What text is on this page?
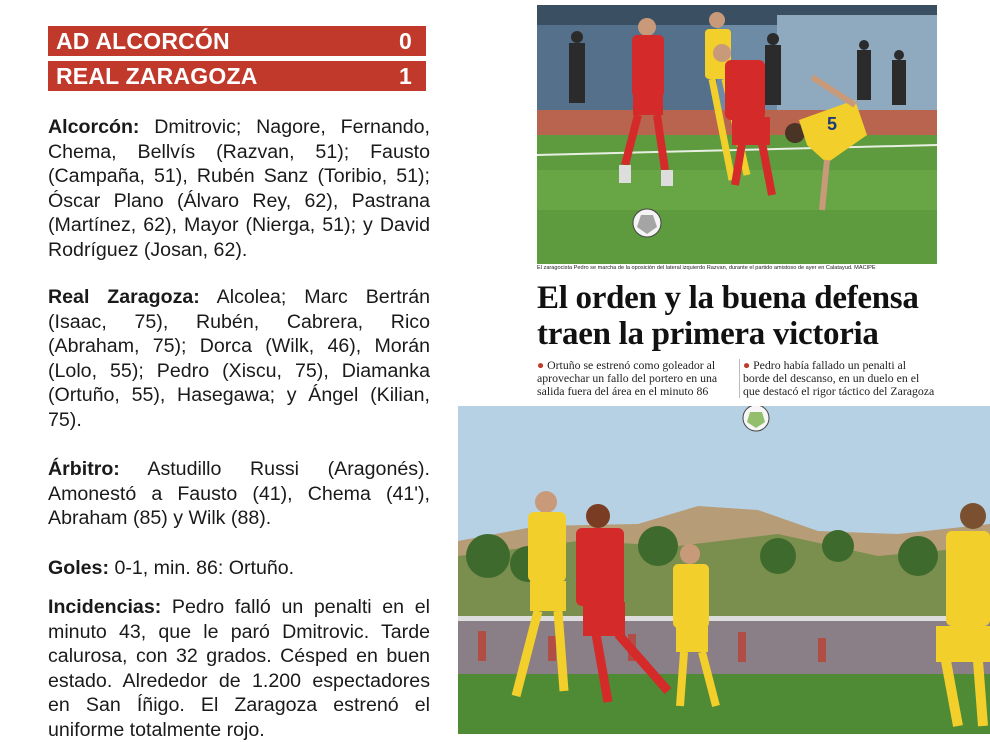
AD ALCORCÓN	0
REAL ZARAGOZA	1

Alcorcón: Dmitrovic; Nagore, Fernando, Chema, Bellvís (Razvan, 51); Fausto (Campaña, 51), Rubén Sanz (Toribio, 51); Óscar Plano (Álvaro Rey, 62), Pastrana (Martínez, 62), Mayor (Nierga, 51); y David Rodríguez (Josan, 62).

Real Zaragoza: Alcolea; Marc Bertrán (Isaac, 75), Rubén, Cabrera, Rico (Abraham, 75); Dorca (Wilk, 46), Morán (Lolo, 55); Pedro (Xiscu, 75), Diamanka (Ortuño, 55), Hasegawa; y Ángel (Kilian, 75).

Árbitro: Astudillo Russi (Aragonés). Amonestó a Fausto (41), Chema (41'), Abraham (85) y Wilk (88).

Goles: 0-1, min. 86: Ortuño.

Incidencias: Pedro falló un penalti en el minuto 43, que le paró Dmitrovic. Tarde calurosa, con 32 grados. Césped en buen estado. Alrededor de 1.200 espectadores en San Íñigo. El Zaragoza estrenó el uniforme totalmente rojo.

5
El zaragocista Pedro se marcha de la oposición del lateral izquierdo Razvan, durante el partido amistoso de ayer en Calatayud. MACIPE
El orden y la buena defensa
traen la primera victoria

● Ortuño se estrenó como goleador al aprovechar un fallo del portero en una salida fuera del área en el minuto 86

● Pedro había fallado un penalti al borde del descanso, en un duelo en el que destacó el rigor táctico del Zaragoza
